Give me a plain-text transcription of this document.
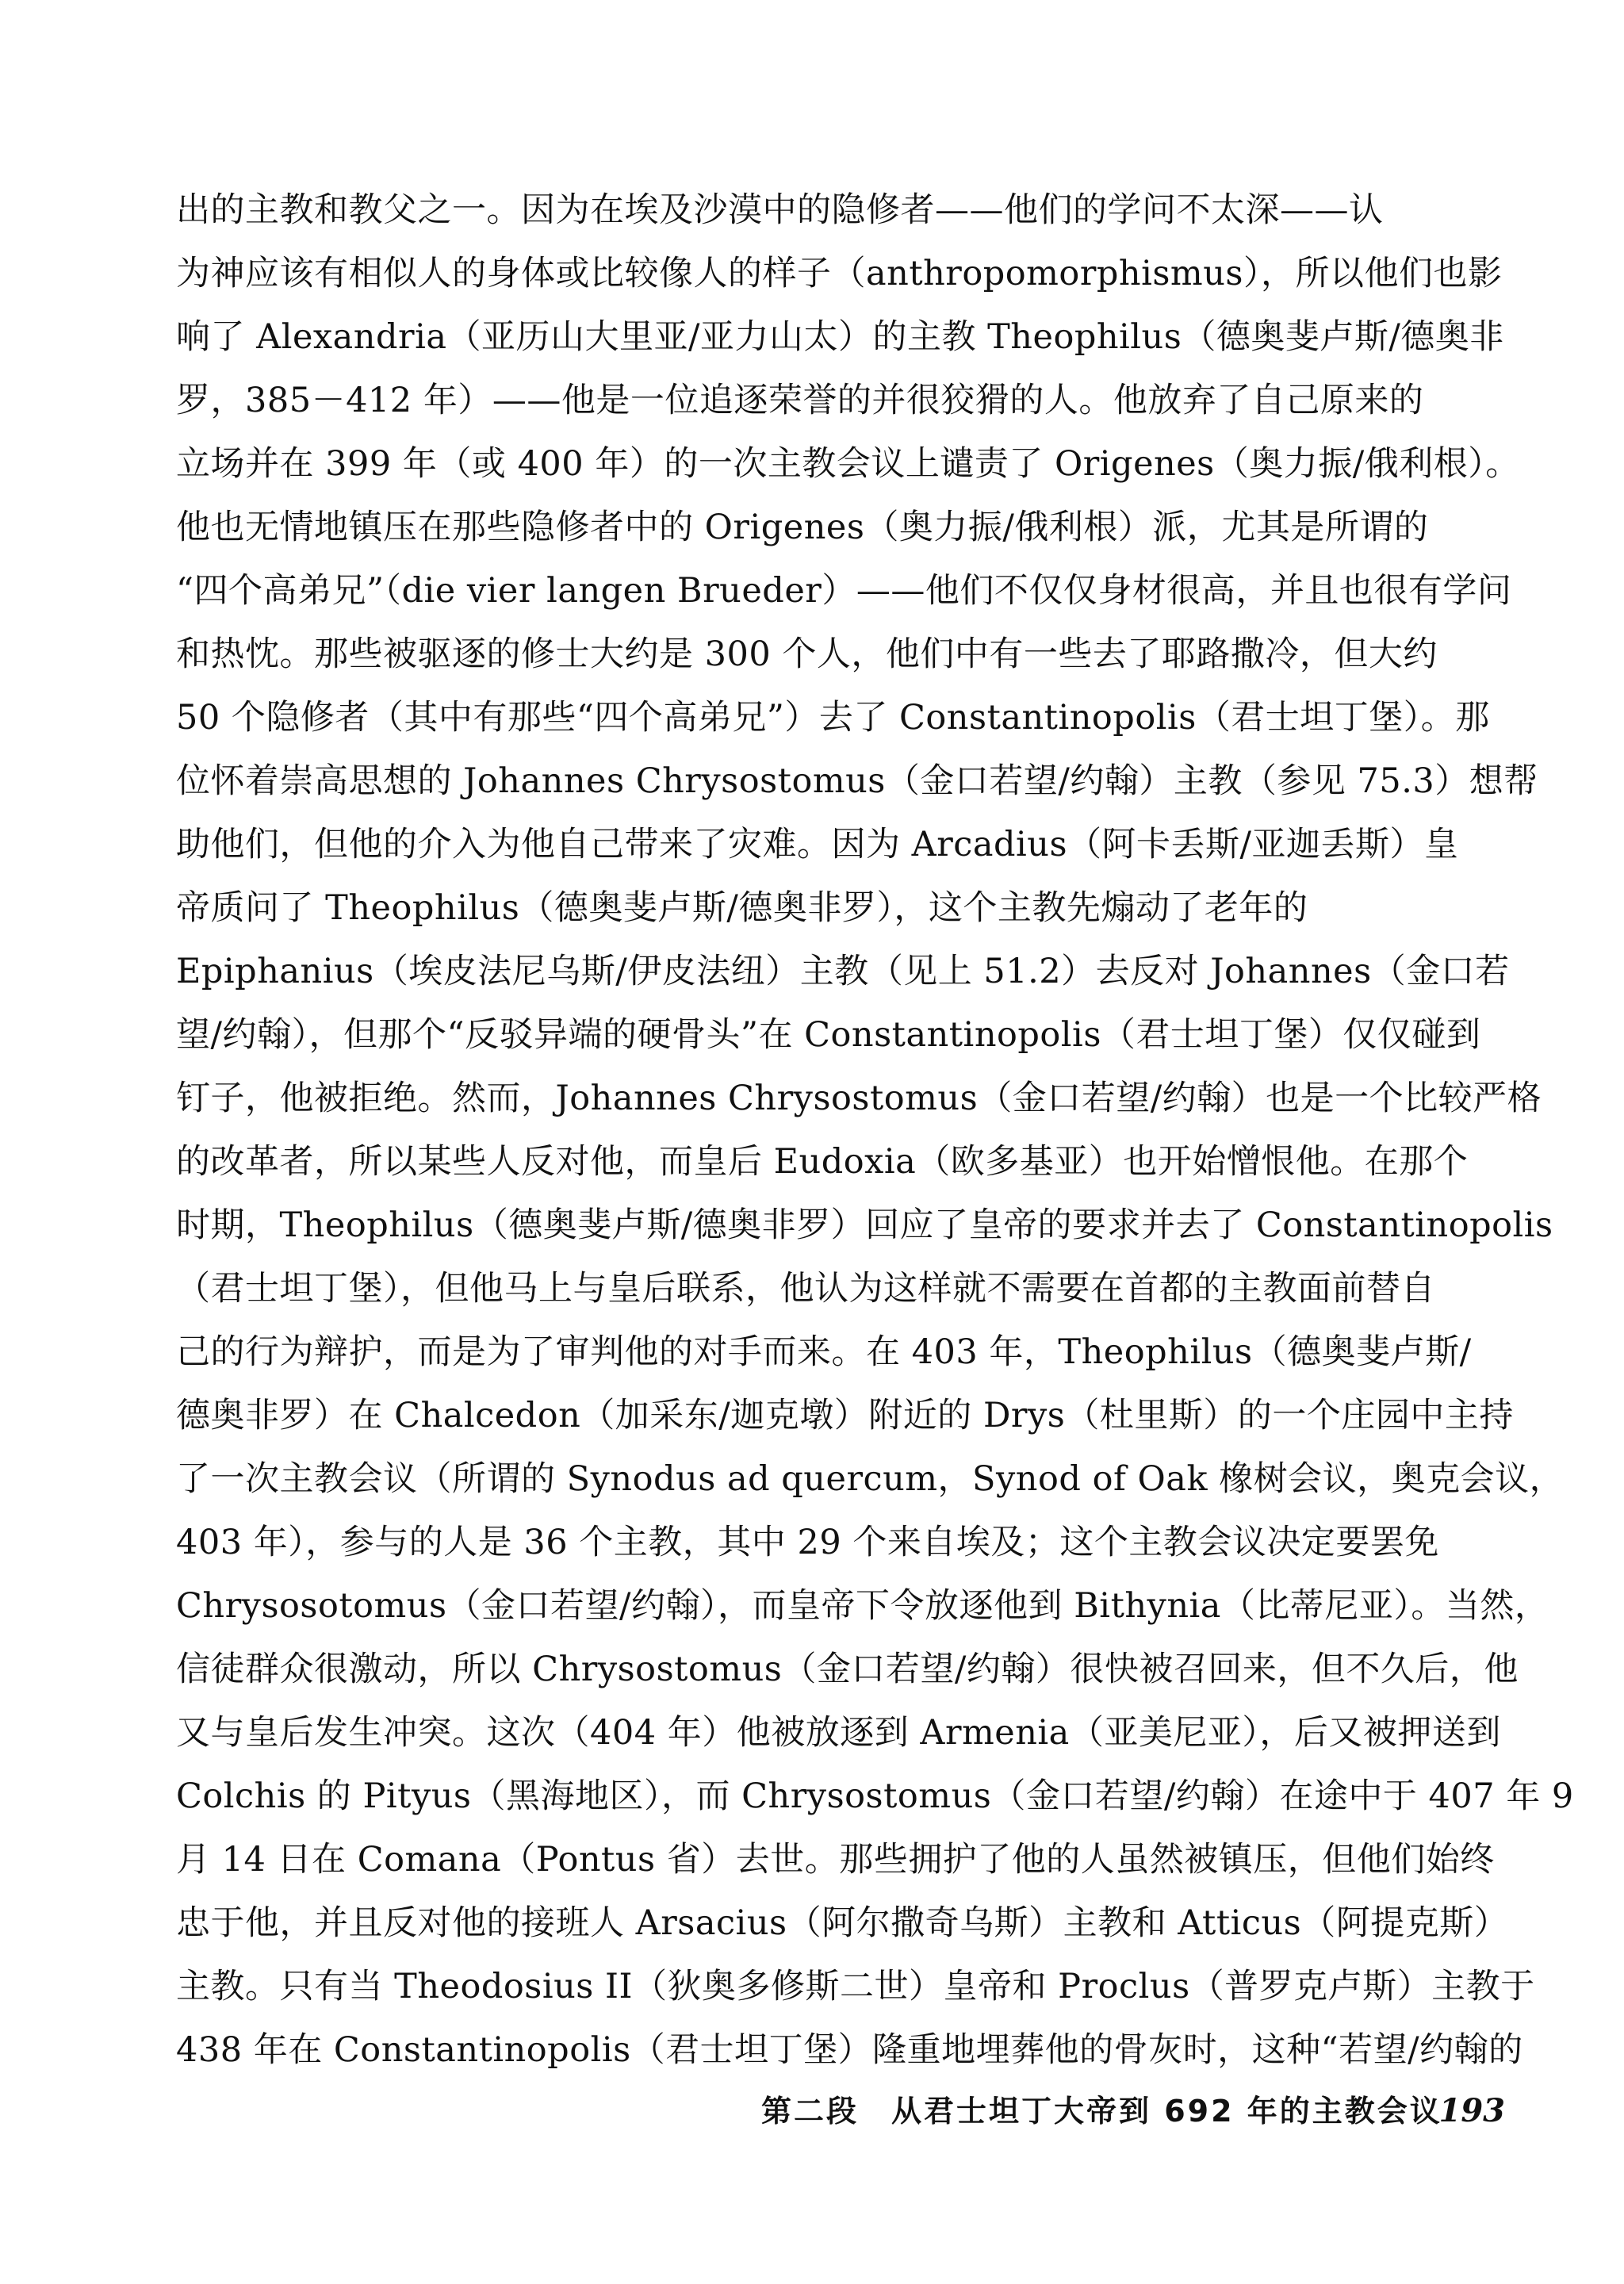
出的主教和教父之一。因为在埃及沙漠中的隐修者——他们的学问不太深——认
为神应该有相似人的身体或比较像人的样子（anthropomorphismus），所以他们也影
响了 Alexandria（亚历山大里亚/亚力山太）的主教 Theophilus（德奥斐卢斯/德奥非
罗，385－412 年）——他是一位追逐荣誉的并很狡猾的人。他放弃了自己原来的
立场并在 399 年（或 400 年）的一次主教会议上谴责了 Origenes（奥力振/俄利根）。
他也无情地镇压在那些隐修者中的 Origenes（奥力振/俄利根）派，尤其是所谓的
“四个高弟兄”（die vier langen Brueder）——他们不仅仅身材很高，并且也很有学问
和热忱。那些被驱逐的修士大约是 300 个人，他们中有一些去了耶路撒冷，但大约
50 个隐修者（其中有那些“四个高弟兄”）去了 Constantinopolis（君士坦丁堡）。那
位怀着崇高思想的 Johannes Chrysostomus（金口若望/约翰）主教（参见 75.3）想帮
助他们，但他的介入为他自己带来了灾难。因为 Arcadius（阿卡丢斯/亚迦丢斯）皇
帝质问了 Theophilus（德奥斐卢斯/德奥非罗），这个主教先煽动了老年的
Epiphanius（埃皮法尼乌斯/伊皮法纽）主教（见上 51.2）去反对 Johannes（金口若
望/约翰），但那个“反驳异端的硬骨头”在 Constantinopolis（君士坦丁堡）仅仅碰到
钉子，他被拒绝。然而，Johannes Chrysostomus（金口若望/约翰）也是一个比较严格
的改革者，所以某些人反对他，而皇后 Eudoxia（欧多基亚）也开始憎恨他。在那个
时期，Theophilus（德奥斐卢斯/德奥非罗）回应了皇帝的要求并去了 Constantinopolis
（君士坦丁堡），但他马上与皇后联系，他认为这样就不需要在首都的主教面前替自
己的行为辩护，而是为了审判他的对手而来。在 403 年，Theophilus（德奥斐卢斯/
德奥非罗）在 Chalcedon（加采东/迦克墩）附近的 Drys（杜里斯）的一个庄园中主持
了一次主教会议（所谓的 Synodus ad quercum，Synod of Oak 橡树会议，奥克会议，
403 年），参与的人是 36 个主教，其中 29 个来自埃及；这个主教会议决定要罢免
Chrysosotomus（金口若望/约翰），而皇帝下令放逐他到 Bithynia（比蒂尼亚）。当然，
信徒群众很激动，所以 Chrysostomus（金口若望/约翰）很快被召回来，但不久后，他
又与皇后发生冲突。这次（404 年）他被放逐到 Armenia（亚美尼亚），后又被押送到
Colchis 的 Pityus（黑海地区），而 Chrysostomus（金口若望/约翰）在途中于 407 年 9
月 14 日在 Comana（Pontus 省）去世。那些拥护了他的人虽然被镇压，但他们始终
忠于他，并且反对他的接班人 Arsacius（阿尔撒奇乌斯）主教和 Atticus（阿提克斯）
主教。只有当 Theodosius II（狄奥多修斯二世）皇帝和 Proclus（普罗克卢斯）主教于
438 年在 Constantinopolis（君士坦丁堡）隆重地埋葬他的骨灰时，这种“若望/约翰的
第二段　从君士坦丁大帝到 692 年的主教会议
193
